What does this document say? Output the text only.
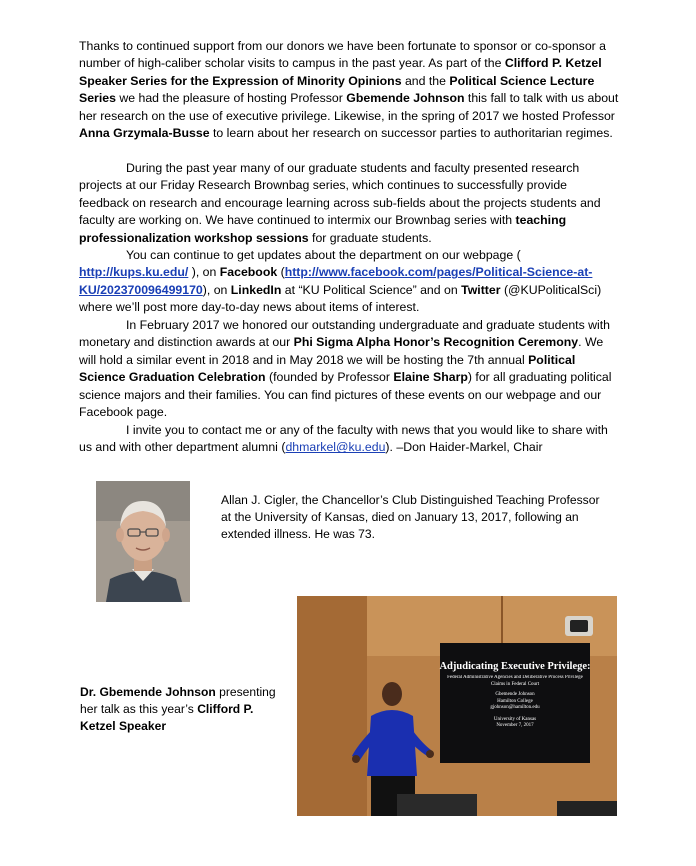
Thanks to continued support from our donors we have been fortunate to sponsor or co-sponsor a number of high-caliber scholar visits to campus in the past year. As part of the Clifford P. Ketzel Speaker Series for the Expression of Minority Opinions and the Political Science Lecture Series we had the pleasure of hosting Professor Gbemende Johnson this fall to talk with us about her research on the use of executive privilege. Likewise, in the spring of 2017 we hosted Professor Anna Grzymala-Busse to learn about her research on successor parties to authoritarian regimes.

During the past year many of our graduate students and faculty presented research projects at our Friday Research Brownbag series, which continues to successfully provide feedback on research and encourage learning across sub-fields about the projects students and faculty are working on. We have continued to intermix our Brownbag series with teaching professionalization workshop sessions for graduate students.

You can continue to get updates about the department on our webpage ( http://kups.ku.edu/ ), on Facebook (http://www.facebook.com/pages/Political-Science-at-KU/202370096499170), on LinkedIn at “KU Political Science” and on Twitter (@KUPoliticalSci) where we’ll post more day-to-day news about items of interest.

In February 2017 we honored our outstanding undergraduate and graduate students with monetary and distinction awards at our Phi Sigma Alpha Honor’s Recognition Ceremony. We will hold a similar event in 2018 and in May 2018 we will be hosting the 7th annual Political Science Graduation Celebration (founded by Professor Elaine Sharp) for all graduating political science majors and their families. You can find pictures of these events on our webpage and our Facebook page.

I invite you to contact me or any of the faculty with news that you would like to share with us and with other department alumni (dhmarkel@ku.edu). –Don Haider-Markel, Chair

Allan J. Cigler, the Chancellor’s Club Distinguished Teaching Professor at the University of Kansas, died on January 13, 2017, following an extended illness. He was 73.
Adjudicating Executive Privilege:
Federal Administrative Agencies and Deliberative Process Privilege Claims in Federal Court
Gbemende Johnson
Hamilton College
gjohnson@hamilton.edu
University of Kansas
November 7, 2017
Dr. Gbemende Johnson presenting her talk as this year’s Clifford P. Ketzel Speaker
